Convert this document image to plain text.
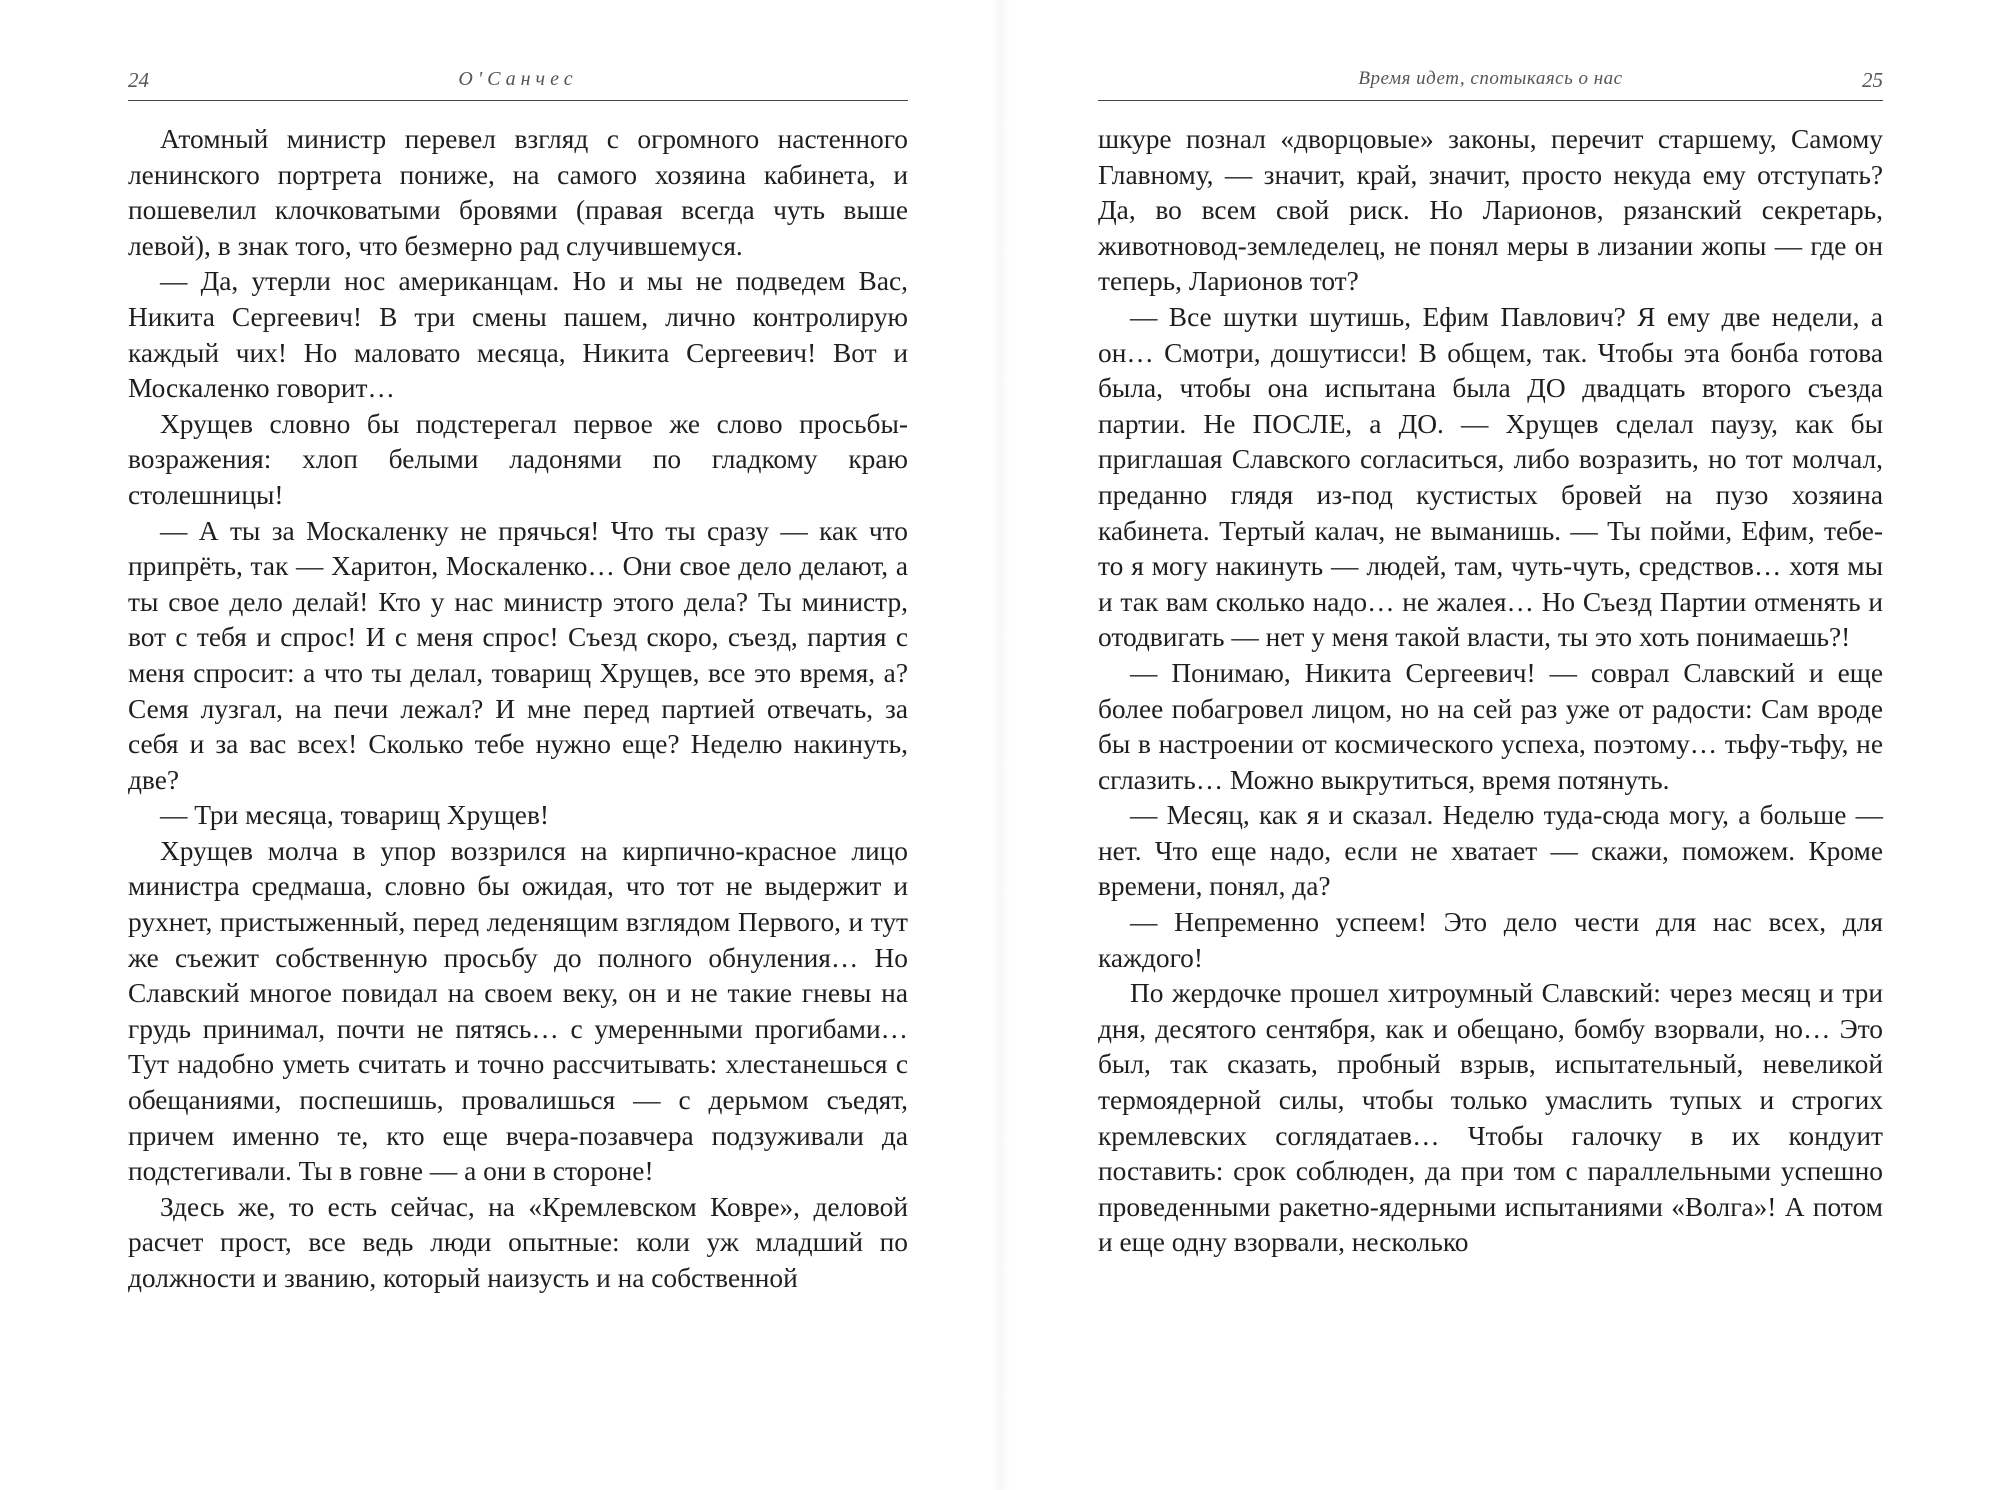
24	О'Санчес

Атомный министр перевел взгляд с огромного настенного ленинского портрета пониже, на самого хозяина кабинета, и пошевелил клочковатыми бровями (правая всегда чуть выше левой), в знак того, что безмерно рад случившемуся.

— Да, утерли нос американцам. Но и мы не подведем Вас, Никита Сергеевич! В три смены пашем, лично контролирую каждый чих! Но маловато месяца, Никита Сергеевич! Вот и Москаленко говорит…

Хрущев словно бы подстерегал первое же слово просьбы-возражения: хлоп белыми ладонями по гладкому краю столешницы!

— А ты за Москаленку не прячься! Что ты сразу — как что припрёть, так — Харитон, Москаленко… Они свое дело делают, а ты свое дело делай! Кто у нас министр этого дела? Ты министр, вот с тебя и спрос! И с меня спрос! Съезд скоро, съезд, партия с меня спросит: а что ты делал, товарищ Хрущев, все это время, а? Семя лузгал, на печи лежал? И мне перед партией отвечать, за себя и за вас всех! Сколько тебе нужно еще? Неделю накинуть, две?

— Три месяца, товарищ Хрущев!

Хрущев молча в упор воззрился на кирпично-красное лицо министра средмаша, словно бы ожидая, что тот не выдержит и рухнет, пристыженный, перед леденящим взглядом Первого, и тут же съежит собственную просьбу до полного обнуления… Но Славский многое повидал на своем веку, он и не такие гневы на грудь принимал, почти не пятясь… с умеренными прогибами… Тут надобно уметь считать и точно рассчитывать: хлестанешься с обещаниями, поспешишь, провалишься — с дерьмом съедят, причем именно те, кто еще вчера-позавчера подзуживали да подстегивали. Ты в говне — а они в стороне!

Здесь же, то есть сейчас, на «Кремлевском Ковре», деловой расчет прост, все ведь люди опытные: коли уж младший по должности и званию, который наизусть и на собственной

Время идет, спотыкаясь о нас	25

шкуре познал «дворцовые» законы, перечит старшему, Самому Главному, — значит, край, значит, просто некуда ему отступать? Да, во всем свой риск. Но Ларионов, рязанский секретарь, животновод-земледелец, не понял меры в лизании жопы — где он теперь, Ларионов тот?

— Все шутки шутишь, Ефим Павлович? Я ему две недели, а он… Смотри, дошутисси! В общем, так. Чтобы эта бонба готова была, чтобы она испытана была ДО двадцать второго съезда партии. Не ПОСЛЕ, а ДО. — Хрущев сделал паузу, как бы приглашая Славского согласиться, либо возразить, но тот молчал, преданно глядя из-под кустистых бровей на пузо хозяина кабинета. Тертый калач, не выманишь. — Ты пойми, Ефим, тебе-то я могу накинуть — людей, там, чуть-чуть, средствов… хотя мы и так вам сколько надо… не жалея… Но Съезд Партии отменять и отодвигать — нет у меня такой власти, ты это хоть понимаешь?!

— Понимаю, Никита Сергеевич! — соврал Славский и еще более побагровел лицом, но на сей раз уже от радости: Сам вроде бы в настроении от космического успеха, поэтому… тьфу-тьфу, не сглазить… Можно выкрутиться, время потянуть.

— Месяц, как я и сказал. Неделю туда-сюда могу, а больше — нет. Что еще надо, если не хватает — скажи, поможем. Кроме времени, понял, да?

— Непременно успеем! Это дело чести для нас всех, для каждого!

По жердочке прошел хитроумный Славский: через месяц и три дня, десятого сентября, как и обещано, бомбу взорвали, но… Это был, так сказать, пробный взрыв, испытательный, невеликой термоядерной силы, чтобы только умаслить тупых и строгих кремлевских соглядатаев… Чтобы галочку в их кондуит поставить: срок соблюден, да при том с параллельными успешно проведенными ракетно-ядерными испытаниями «Волга»! А потом и еще одну взорвали, несколько
